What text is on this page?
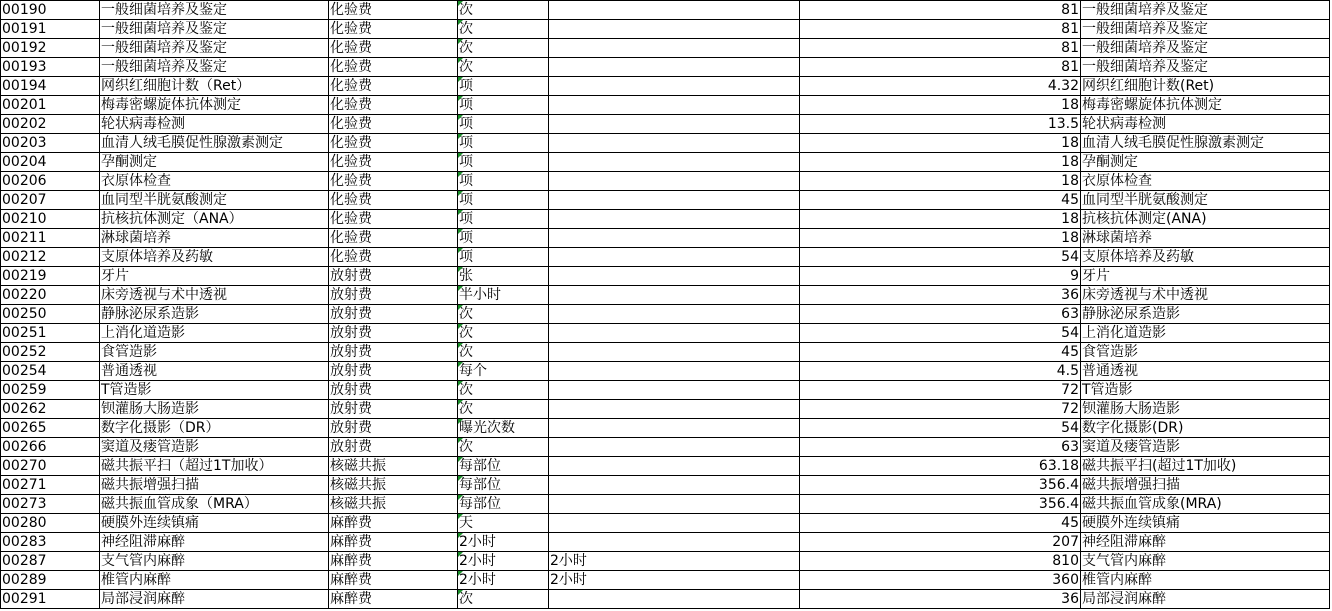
00190	一般细菌培养及鉴定	化验费	次		81	一般细菌培养及鉴定
00191	一般细菌培养及鉴定	化验费	次		81	一般细菌培养及鉴定
00192	一般细菌培养及鉴定	化验费	次		81	一般细菌培养及鉴定
00193	一般细菌培养及鉴定	化验费	次		81	一般细菌培养及鉴定
00194	网织红细胞计数（Ret）	化验费	项		4.32	网织红细胞计数(Ret)
00201	梅毒密螺旋体抗体测定	化验费	项		18	梅毒密螺旋体抗体测定
00202	轮状病毒检测	化验费	项		13.5	轮状病毒检测
00203	血清人绒毛膜促性腺激素测定	化验费	项		18	血清人绒毛膜促性腺激素测定
00204	孕酮测定	化验费	项		18	孕酮测定
00206	衣原体检查	化验费	项		18	衣原体检查
00207	血同型半胱氨酸测定	化验费	项		45	血同型半胱氨酸测定
00210	抗核抗体测定（ANA）	化验费	项		18	抗核抗体测定(ANA)
00211	淋球菌培养	化验费	项		18	淋球菌培养
00212	支原体培养及药敏	化验费	项		54	支原体培养及药敏
00219	牙片	放射费	张		9	牙片
00220	床旁透视与术中透视	放射费	半小时		36	床旁透视与术中透视
00250	静脉泌尿系造影	放射费	次		63	静脉泌尿系造影
00251	上消化道造影	放射费	次		54	上消化道造影
00252	食管造影	放射费	次		45	食管造影
00254	普通透视	放射费	每个		4.5	普通透视
00259	T管造影	放射费	次		72	T管造影
00262	钡灌肠大肠造影	放射费	次		72	钡灌肠大肠造影
00265	数字化摄影（DR）	放射费	曝光次数		54	数字化摄影(DR)
00266	窦道及瘘管造影	放射费	次		63	窦道及瘘管造影
00270	磁共振平扫（超过1T加收）	核磁共振	每部位		63.18	磁共振平扫(超过1T加收)
00271	磁共振增强扫描	核磁共振	每部位		356.4	磁共振增强扫描
00273	磁共振血管成象（MRA）	核磁共振	每部位		356.4	磁共振血管成象(MRA)
00280	硬膜外连续镇痛	麻醉费	天		45	硬膜外连续镇痛
00283	神经阻滞麻醉	麻醉费	2小时		207	神经阻滞麻醉
00287	支气管内麻醉	麻醉费	2小时	2小时	810	支气管内麻醉
00289	椎管内麻醉	麻醉费	2小时	2小时	360	椎管内麻醉
00291	局部浸润麻醉	麻醉费	次		36	局部浸润麻醉
